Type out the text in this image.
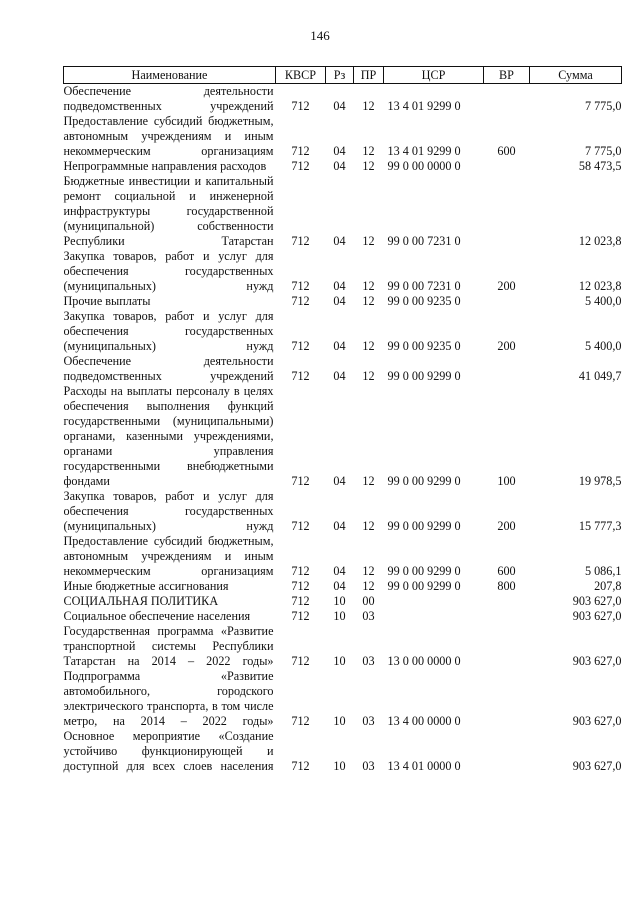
146
Наименование	КВСР	Рз	ПР	ЦСР	ВР	Сумма
Обеспечение деятельности подведомственных учреждений	712	04	12	13 4 01 9299 0		7 775,0
Предоставление субсидий бюджетным, автономным учреждениям и иным некоммерческим организациям	712	04	12	13 4 01 9299 0	600	7 775,0
Непрограммные направления расходов	712	04	12	99 0 00 0000 0		58 473,5
Бюджетные инвестиции и капитальный ремонт социальной и инженерной инфраструктуры государственной (муниципальной) собственности Республики Татарстан	712	04	12	99 0 00 7231 0		12 023,8
Закупка товаров, работ и услуг для обеспечения государственных (муниципальных) нужд	712	04	12	99 0 00 7231 0	200	12 023,8
Прочие выплаты	712	04	12	99 0 00 9235 0		5 400,0
Закупка товаров, работ и услуг для обеспечения государственных (муниципальных) нужд	712	04	12	99 0 00 9235 0	200	5 400,0
Обеспечение деятельности подведомственных учреждений	712	04	12	99 0 00 9299 0		41 049,7
Расходы на выплаты персоналу в целях обеспечения выполнения функций государственными (муниципальными) органами, казенными учреждениями, органами управления государственными внебюджетными фондами	712	04	12	99 0 00 9299 0	100	19 978,5
Закупка товаров, работ и услуг для обеспечения государственных (муниципальных) нужд	712	04	12	99 0 00 9299 0	200	15 777,3
Предоставление субсидий бюджетным, автономным учреждениям и иным некоммерческим организациям	712	04	12	99 0 00 9299 0	600	5 086,1
Иные бюджетные ассигнования	712	04	12	99 0 00 9299 0	800	207,8
СОЦИАЛЬНАЯ ПОЛИТИКА	712	10	00			903 627,0
Социальное обеспечение населения	712	10	03			903 627,0
Государственная программа «Развитие транспортной системы Республики Татарстан на 2014 – 2022 годы»	712	10	03	13 0 00 0000 0		903 627,0
Подпрограмма «Развитие автомобильного, городского электрического транспорта, в том числе метро, на 2014 – 2022 годы»	712	10	03	13 4 00 0000 0		903 627,0
Основное мероприятие «Создание устойчиво функционирующей и доступной для всех слоев населения	712	10	03	13 4 01 0000 0		903 627,0
